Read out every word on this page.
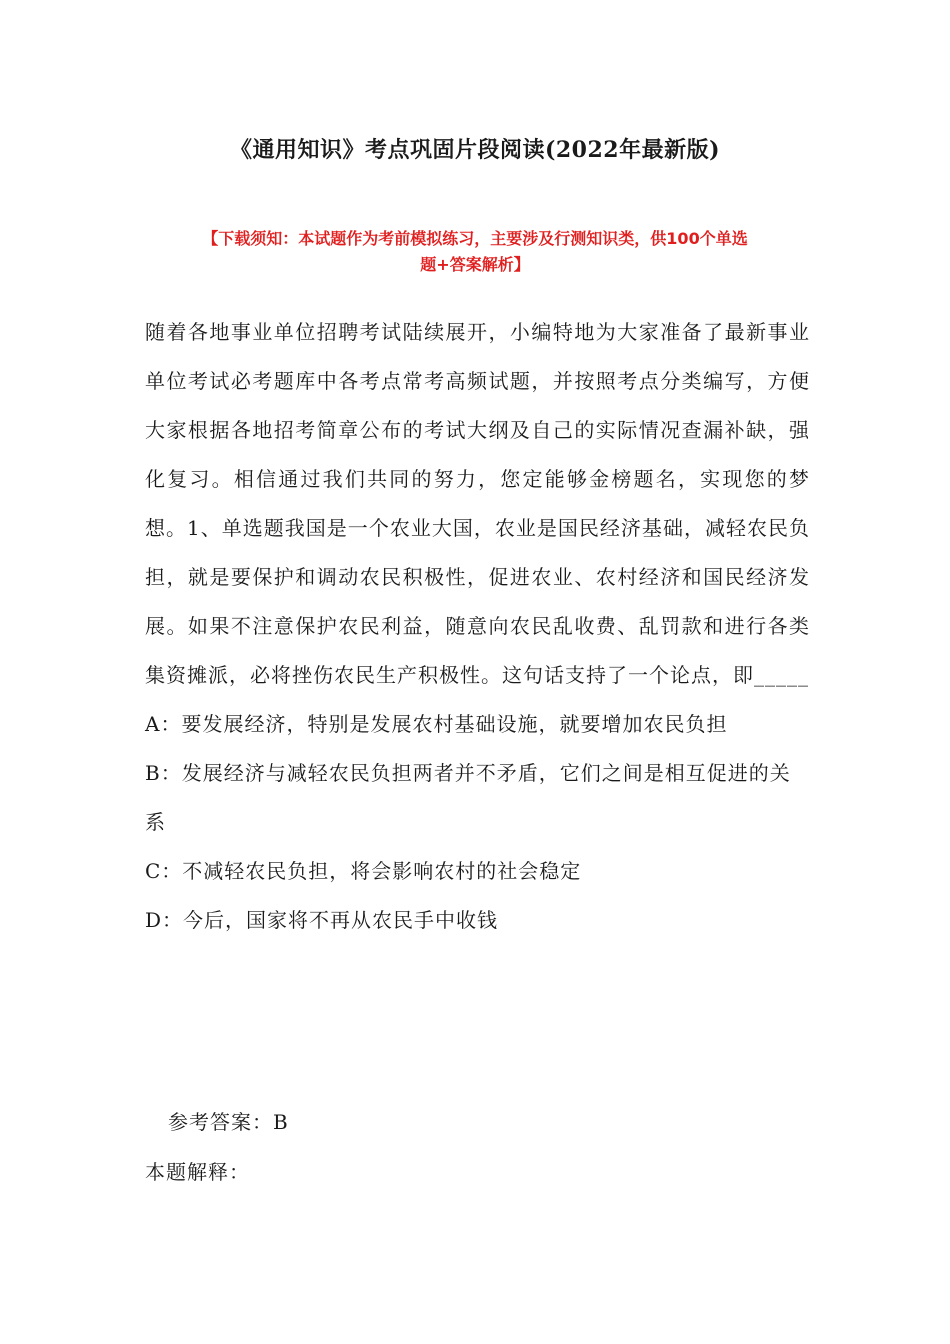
《通用知识》考点巩固片段阅读(2022年最新版)
【下载须知：本试题作为考前模拟练习，主要涉及行测知识类，供100个单选
题+答案解析】

随着各地事业单位招聘考试陆续展开，小编特地为大家准备了最新事业单位考试必考题库中各考点常考高频试题，并按照考点分类编写，方便大家根据各地招考简章公布的考试大纲及自己的实际情况查漏补缺，强化复习。相信通过我们共同的努力，您定能够金榜题名，实现您的梦想。1、单选题我国是一个农业大国，农业是国民经济基础，减轻农民负担，就是要保护和调动农民积极性，促进农业、农村经济和国民经济发展。如果不注意保护农民利益，随意向农民乱收费、乱罚款和进行各类集资摊派，必将挫伤农民生产积极性。这句话支持了一个论点，即_____

A：要发展经济，特别是发展农村基础设施，就要增加农民负担

B：发展经济与减轻农民负担两者并不矛盾，它们之间是相互促进的关系

C：不减轻农民负担，将会影响农村的社会稳定

D：今后，国家将不再从农民手中收钱

参考答案：B
本题解释：
